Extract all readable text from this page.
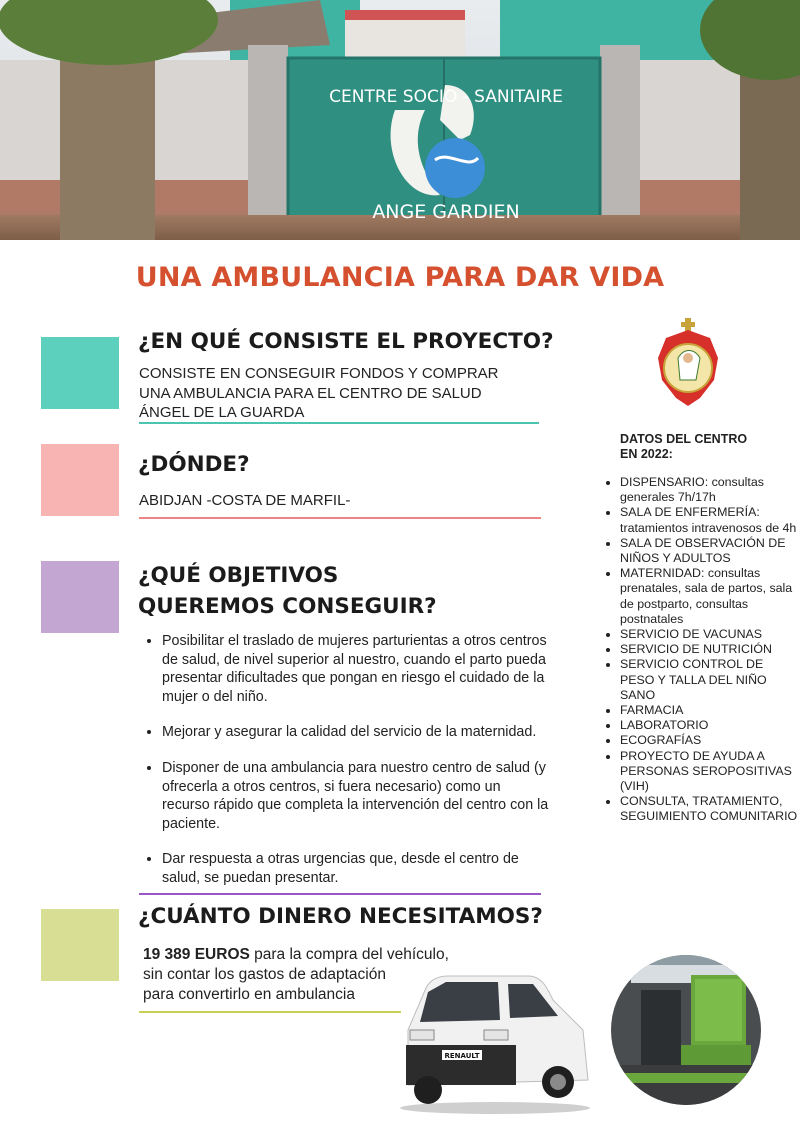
CENTRE SOCIO - SANITAIRE
ANGE GARDIEN
UNA AMBULANCIA PARA DAR VIDA
¿EN QUÉ CONSISTE EL PROYECTO?

CONSISTE EN CONSEGUIR FONDOS Y COMPRAR
UNA AMBULANCIA PARA EL CENTRO DE SALUD
ÁNGEL DE LA GUARDA

¿DÓNDE?

ABIDJAN -COSTA DE MARFIL-

¿QUÉ OBJETIVOS
QUEREMOS CONSEGUIR?
• Posibilitar el traslado de mujeres parturientas a otros centros de salud, de nivel superior al nuestro, cuando el parto pueda presentar dificultades que pongan en riesgo el cuidado de la mujer o del niño.
• Mejorar y asegurar la calidad del servicio de la maternidad.
• Disponer de una ambulancia para nuestro centro de salud (y ofrecerla a otros centros, si fuera necesario) como un recurso rápido que completa la intervención del centro con la paciente.
• Dar respuesta a otras urgencias que, desde el centro de salud, se puedan presentar.
¿CUÁNTO DINERO NECESITAMOS?

19 389 EUROS para la compra del vehículo,
sin contar los gastos de adaptación
para convertirlo en ambulancia

DATOS DEL CENTRO
EN 2022:

• DISPENSARIO: consultas generales 7h/17h
• SALA DE ENFERMERÍA: tratamientos intravenosos de 4h
• SALA DE OBSERVACIÓN DE NIÑOS Y ADULTOS
• MATERNIDAD: consultas prenatales, sala de partos, sala de postparto, consultas postnatales
• SERVICIO DE VACUNAS
• SERVICIO DE NUTRICIÓN
• SERVICIO CONTROL DE PESO Y TALLA DEL NIÑO SANO
• FARMACIA
• LABORATORIO
• ECOGRAFÍAS
• PROYECTO DE AYUDA A PERSONAS SEROPOSITIVAS (VIH)
• CONSULTA, TRATAMIENTO, SEGUIMIENTO COMUNITARIO
RENAULT
